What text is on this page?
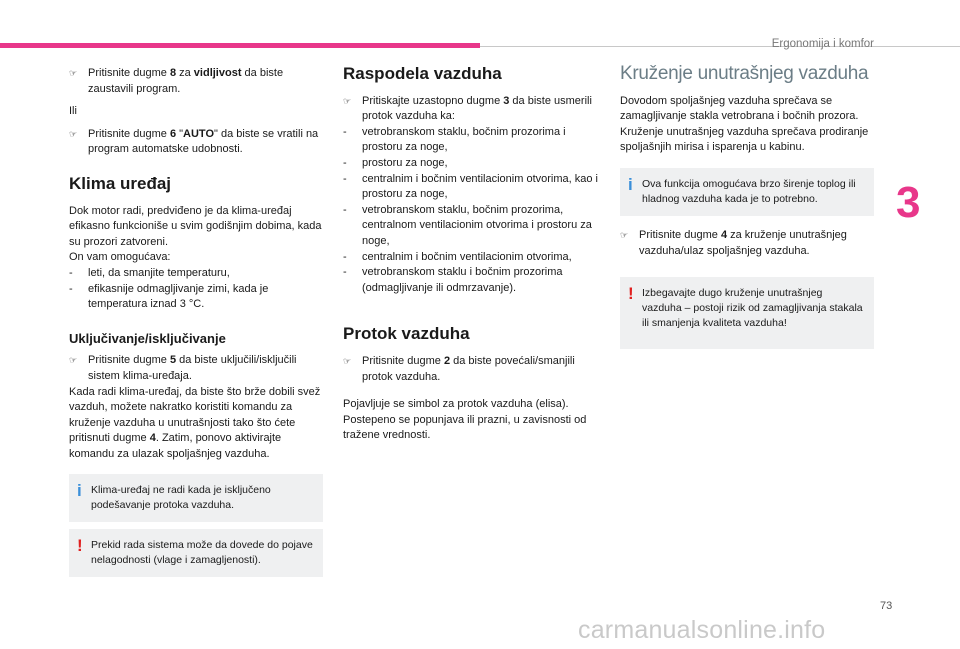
Ergonomija i komfor
3
73
carmanualsonline.info

☞ Pritisnite dugme 8 za vidljivost da biste zaustavili program.

Ili

☞ Pritisnite dugme 6 "AUTO" da biste se vratili na program automatske udobnosti.

Klima uređaj

Dok motor radi, predviđeno je da klima-uređaj efikasno funkcioniše u svim godišnjim dobima, kada su prozori zatvoreni.

On vam omogućava:

- leti, da smanjite temperaturu,

- efikasnije odmagljivanje zimi, kada je temperatura iznad 3 °C.

Uključivanje/isključivanje

☞ Pritisnite dugme 5 da biste uključili/isključili sistem klima-uređaja.

Kada radi klima-uređaj, da biste što brže dobili svež vazduh, možete nakratko koristiti komandu za kruženje vazduha u unutrašnjosti tako što ćete pritisnuti dugme 4. Zatim, ponovo aktivirajte komandu za ulazak spoljašnjeg vazduha.

i Klima-uređaj ne radi kada je isključeno podešavanje protoka vazduha.
! Prekid rada sistema može da dovede do pojave nelagodnosti (vlage i zamagljenosti).
Raspodela vazduha

☞ Pritiskajte uzastopno dugme 3 da biste usmerili protok vazduha ka:

- vetrobranskom staklu, bočnim prozorima i prostoru za noge,

- prostoru za noge,

- centralnim i bočnim ventilacionim otvorima, kao i prostoru za noge,

- vetrobranskom staklu, bočnim prozorima, centralnom ventilacionim otvorima i prostoru za noge,

- centralnim i bočnim ventilacionim otvorima,

- vetrobranskom staklu i bočnim prozorima (odmagljivanje ili odmrzavanje).

Protok vazduha

☞ Pritisnite dugme 2 da biste povećali/smanjili protok vazduha.

Pojavljuje se simbol za protok vazduha (elisa). Postepeno se popunjava ili prazni, u zavisnosti od tražene vrednosti.

Kruženje unutrašnjeg vazduha

Dovodom spoljašnjeg vazduha sprečava se zamagljivanje stakla vetrobrana i bočnih prozora.

Kruženje unutrašnjeg vazduha sprečava prodiranje spoljašnjih mirisa i isparenja u kabinu.

i Ova funkcija omogućava brzo širenje toplog ili hladnog vazduha kada je to potrebno.

☞ Pritisnite dugme 4 za kruženje unutrašnjeg vazduha/ulaz spoljašnjeg vazduha.

! Izbegavajte dugo kruženje unutrašnjeg vazduha – postoji rizik od zamagljivanja stakala ili smanjenja kvaliteta vazduha!
